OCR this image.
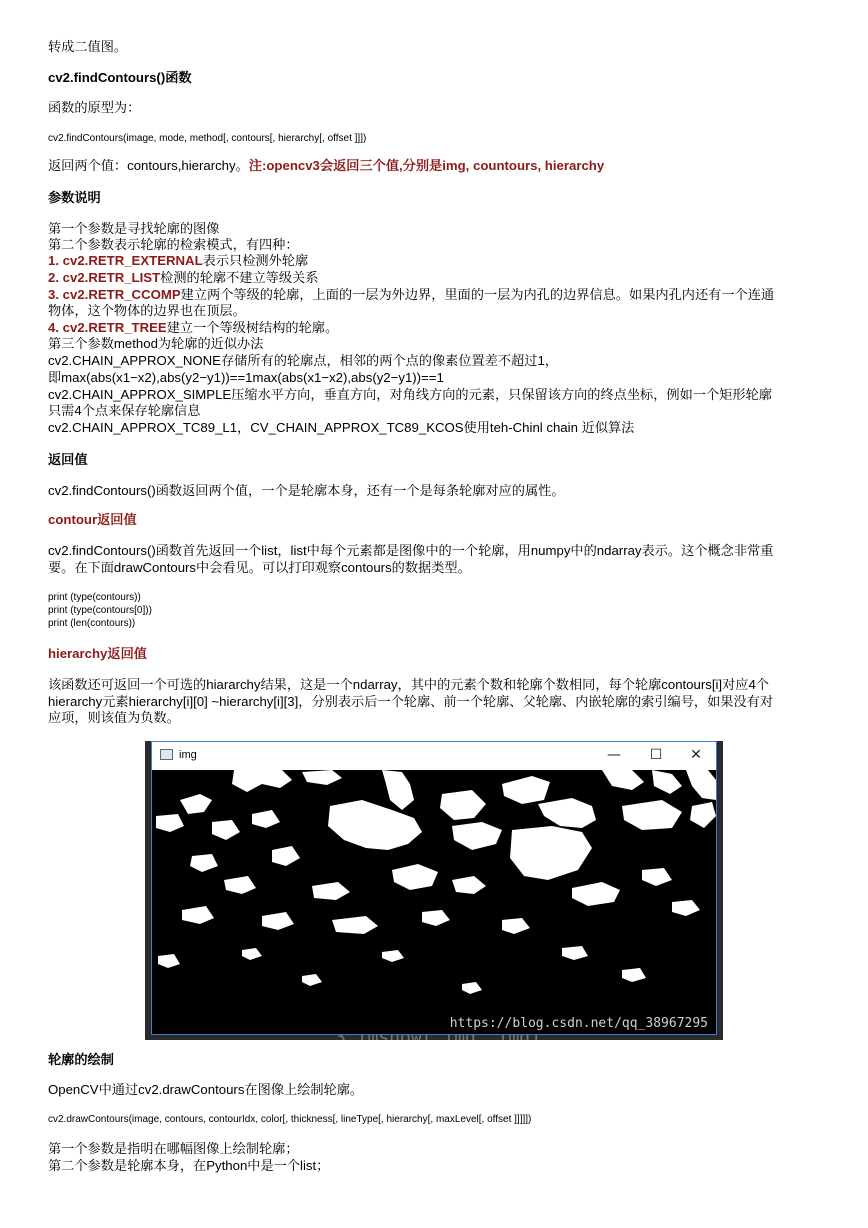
转成二值图。
cv2.findContours()函数
函数的原型为：
cv2.findContours(image, mode, method[, contours[, hierarchy[, offset ]]])
返回两个值：contours,hierarchy。注:opencv3会返回三个值,分别是img, countours, hierarchy
参数说明
第一个参数是寻找轮廓的图像
第二个参数表示轮廓的检索模式，有四种：
1. cv2.RETR_EXTERNAL表示只检测外轮廓
2. cv2.RETR_LIST检测的轮廓不建立等级关系
3. cv2.RETR_CCOMP建立两个等级的轮廓，上面的一层为外边界，里面的一层为内孔的边界信息。如果内孔内还有一个连通
物体，这个物体的边界也在顶层。
4. cv2.RETR_TREE建立一个等级树结构的轮廓。
第三个参数method为轮廓的近似办法
cv2.CHAIN_APPROX_NONE存储所有的轮廓点，相邻的两个点的像素位置差不超过1，
即max(abs(x1−x2),abs(y2−y1))==1max(abs(x1−x2),abs(y2−y1))==1
cv2.CHAIN_APPROX_SIMPLE压缩水平方向，垂直方向，对角线方向的元素，只保留该方向的终点坐标，例如一个矩形轮廓
只需4个点来保存轮廓信息
cv2.CHAIN_APPROX_TC89_L1，CV_CHAIN_APPROX_TC89_KCOS使用teh-Chinl chain 近似算法
返回值
cv2.findContours()函数返回两个值，一个是轮廓本身，还有一个是每条轮廓对应的属性。
contour返回值
cv2.findContours()函数首先返回一个list，list中每个元素都是图像中的一个轮廓，用numpy中的ndarray表示。这个概念非常重
要。在下面drawContours中会看见。可以打印观察contours的数据类型。
print (type(contours))
print (type(contours[0]))
print (len(contours))
hierarchy返回值
该函数还可返回一个可选的hiararchy结果，这是一个ndarray，其中的元素个数和轮廓个数相同，每个轮廓contours[i]对应4个
hierarchy元素hierarchy[i][0] ~hierarchy[i][3]，分别表示后一个轮廓、前一个轮廓、父轮廓、内嵌轮廓的索引编号，如果没有对
应项，则该值为负数。
轮廓的绘制
OpenCV中通过cv2.drawContours在图像上绘制轮廓。
cv2.drawContours(image, contours, contourIdx, color[, thickness[, lineType[, hierarchy[, maxLevel[, offset ]]]]])
第一个参数是指明在哪幅图像上绘制轮廓；
第二个参数是轮廓本身，在Python中是一个list；
img	—	☐	✕
https://blog.csdn.net/qq_38967295
